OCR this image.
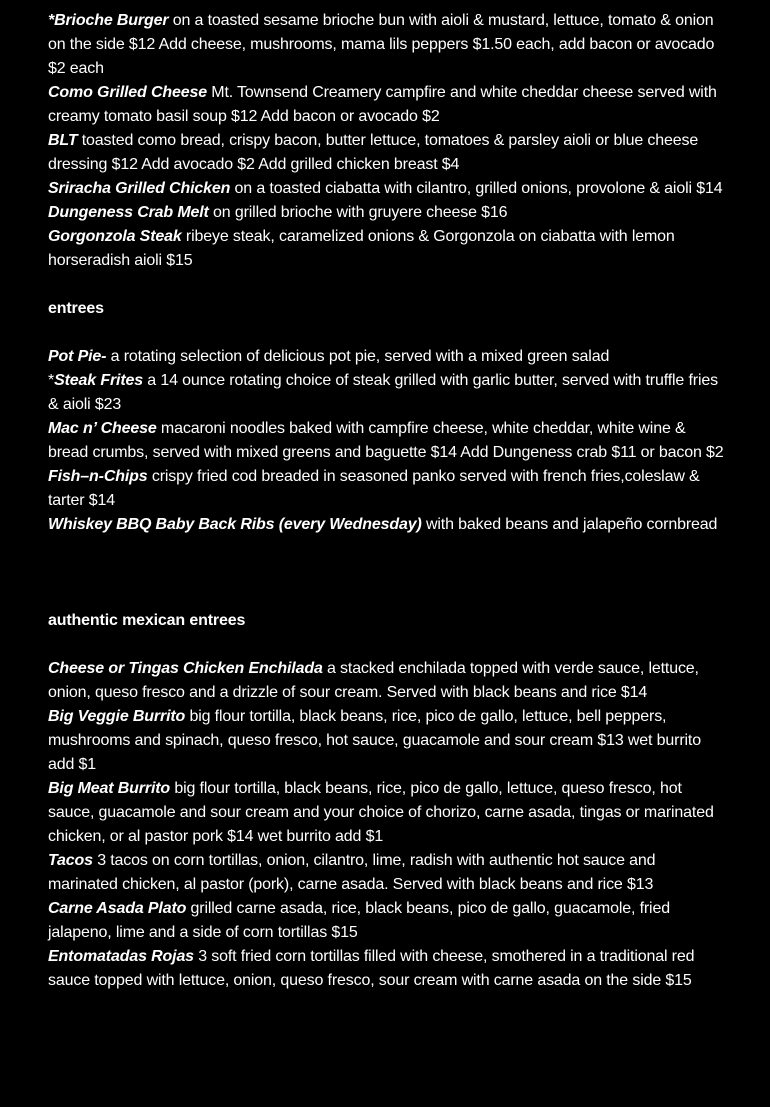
*Brioche Burger on a toasted sesame brioche bun with aioli & mustard, lettuce, tomato & onion on the side $12 Add cheese, mushrooms, mama lils peppers $1.50 each, add bacon or avocado $2 each

Como Grilled Cheese Mt. Townsend Creamery campfire and white cheddar cheese served with creamy tomato basil soup $12 Add bacon or avocado $2

BLT toasted como bread, crispy bacon, butter lettuce, tomatoes & parsley aioli or blue cheese dressing $12 Add avocado $2 Add grilled chicken breast $4

Sriracha Grilled Chicken on a toasted ciabatta with cilantro, grilled onions, provolone & aioli $14

Dungeness Crab Melt on grilled brioche with gruyere cheese $16

Gorgonzola Steak ribeye steak, caramelized onions & Gorgonzola on ciabatta with lemon horseradish aioli $15

entrees

Pot Pie- a rotating selection of delicious pot pie, served with a mixed green salad

*Steak Frites a 14 ounce rotating choice of steak grilled with garlic butter, served with truffle fries & aioli $23

Mac n’ Cheese macaroni noodles baked with campfire cheese, white cheddar, white wine & bread crumbs, served with mixed greens and baguette $14 Add Dungeness crab $11 or bacon $2

Fish–n-Chips crispy fried cod breaded in seasoned panko served with french fries,coleslaw & tarter $14

Whiskey BBQ Baby Back Ribs (every Wednesday) with baked beans and jalapeño cornbread

authentic mexican entrees

Cheese or Tingas Chicken Enchilada a stacked enchilada topped with verde sauce, lettuce, onion, queso fresco and a drizzle of sour cream. Served with black beans and rice $14

Big Veggie Burrito big flour tortilla, black beans, rice, pico de gallo, lettuce, bell peppers, mushrooms and spinach, queso fresco, hot sauce, guacamole and sour cream $13 wet burrito add $1

Big Meat Burrito big flour tortilla, black beans, rice, pico de gallo, lettuce, queso fresco, hot sauce, guacamole and sour cream and your choice of chorizo, carne asada, tingas or marinated chicken, or al pastor pork $14 wet burrito add $1

Tacos 3 tacos on corn tortillas, onion, cilantro, lime, radish with authentic hot sauce and marinated chicken, al pastor (pork), carne asada. Served with black beans and rice $13

Carne Asada Plato grilled carne asada, rice, black beans, pico de gallo, guacamole, fried jalapeno, lime and a side of corn tortillas $15

Entomatadas Rojas 3 soft fried corn tortillas filled with cheese, smothered in a traditional red sauce topped with lettuce, onion, queso fresco, sour cream with carne asada on the side $15
